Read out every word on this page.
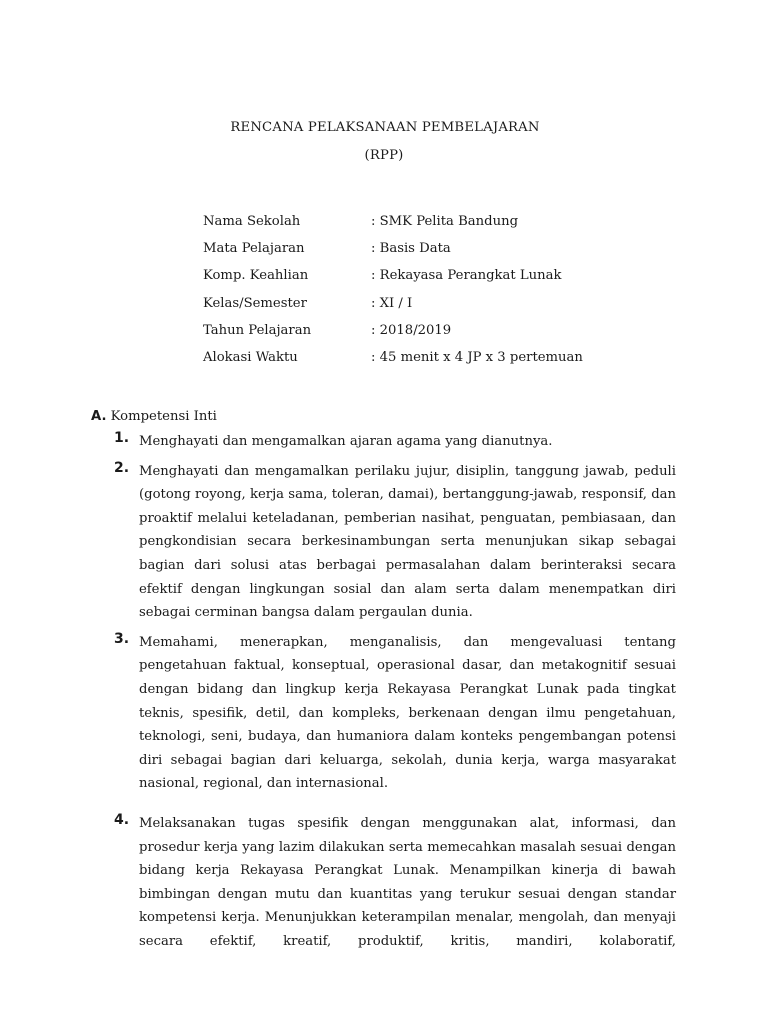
RENCANA PELAKSANAAN PEMBELAJARAN
(RPP)
Nama Sekolah	: SMK Pelita Bandung
Mata Pelajaran	: Basis Data
Komp. Keahlian	: Rekayasa Perangkat Lunak
Kelas/Semester	: XI / I
Tahun Pelajaran	: 2018/2019
Alokasi Waktu	: 45 menit x 4 JP x 3 pertemuan
A. Kompetensi Inti
1. Menghayati dan mengamalkan ajaran agama yang dianutnya.
2. Menghayati dan mengamalkan perilaku jujur, disiplin, tanggung jawab, peduli (gotong royong, kerja sama, toleran, damai), bertanggung-jawab, responsif, dan proaktif melalui keteladanan, pemberian nasihat, penguatan, pembiasaan, dan pengkondisian secara berkesinambungan serta menunjukan sikap sebagai bagian dari solusi atas berbagai permasalahan dalam berinteraksi secara efektif dengan lingkungan sosial dan alam serta dalam menempatkan diri sebagai cerminan bangsa dalam pergaulan dunia.
3. Memahami, menerapkan, menganalisis, dan mengevaluasi tentang pengetahuan faktual, konseptual, operasional dasar, dan metakognitif sesuai dengan bidang dan lingkup kerja Rekayasa Perangkat Lunak pada tingkat teknis, spesifik, detil, dan kompleks, berkenaan dengan ilmu pengetahuan, teknologi, seni, budaya, dan humaniora dalam konteks pengembangan potensi diri sebagai bagian dari keluarga, sekolah, dunia kerja, warga masyarakat nasional, regional, dan internasional.
4. Melaksanakan tugas spesifik dengan menggunakan alat, informasi, dan prosedur kerja yang lazim dilakukan serta memecahkan masalah sesuai dengan bidang kerja Rekayasa Perangkat Lunak. Menampilkan kinerja di bawah bimbingan dengan mutu dan kuantitas yang terukur sesuai dengan standar kompetensi kerja. Menunjukkan keterampilan menalar, mengolah, dan menyaji secara efektif, kreatif, produktif, kritis, mandiri, kolaboratif,
